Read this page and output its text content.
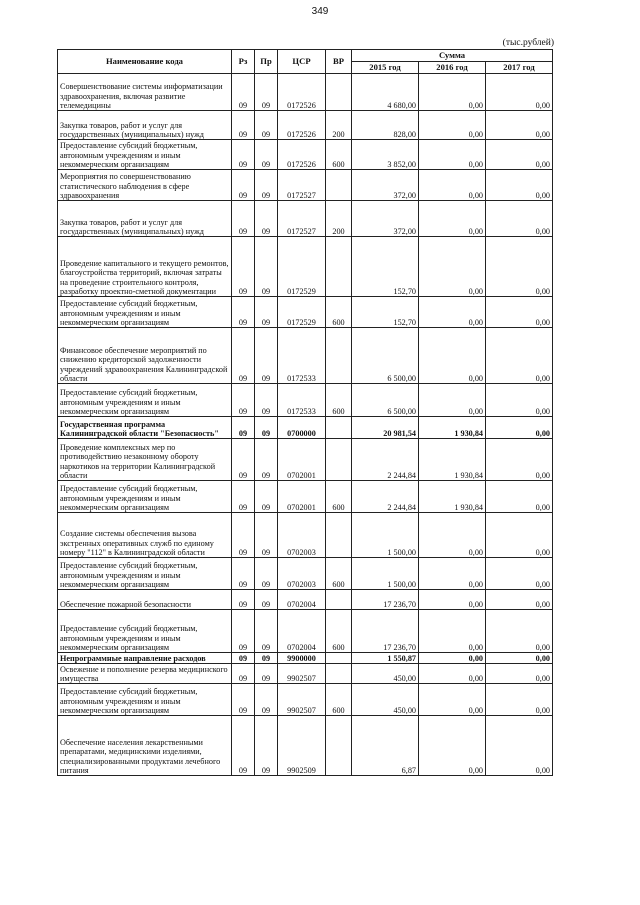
349
(тыс.рублей)
Наименование кода	Рз	Пр	ЦСР	ВР	Сумма		
					2015 год	2016 год	2017 год
Совершенствование системы информатизации здравоохранения, включая развитие телемедицины	09	09	0172526		4 680,00	0,00	0,00
Закупка товаров, работ и услуг для государственных (муниципальных) нужд	09	09	0172526	200	828,00	0,00	0,00
Предоставление субсидий бюджетным, автономным учреждениям и иным некоммерческим организациям	09	09	0172526	600	3 852,00	0,00	0,00
Мероприятия по совершенствованию статистического наблюдения в сфере здравоохранения	09	09	0172527		372,00	0,00	0,00
Закупка товаров, работ и услуг для государственных (муниципальных) нужд	09	09	0172527	200	372,00	0,00	0,00
Проведение капитального и текущего ремонтов, благоустройства территорий, включая затраты на проведение строительного контроля, разработку проектно-сметной документации	09	09	0172529		152,70	0,00	0,00
Предоставление субсидий бюджетным, автономным учреждениям и иным некоммерческим организациям	09	09	0172529	600	152,70	0,00	0,00
Финансовое обеспечение мероприятий по снижению кредиторской задолженности учреждений здравоохранения Калининградской области	09	09	0172533		6 500,00	0,00	0,00
Предоставление субсидий бюджетным, автономным учреждениям и иным некоммерческим организациям	09	09	0172533	600	6 500,00	0,00	0,00
Государственная программа Калининградской области "Безопасность"	09	09	0700000		20 981,54	1 930,84	0,00
Проведение комплексных мер по противодействию незаконному обороту наркотиков на территории Калининградской области	09	09	0702001		2 244,84	1 930,84	0,00
Предоставление субсидий бюджетным, автономным учреждениям и иным некоммерческим организациям	09	09	0702001	600	2 244,84	1 930,84	0,00
Создание системы обеспечения вызова экстренных оперативных служб по единому номеру "112" в Калининградской области	09	09	0702003		1 500,00	0,00	0,00
Предоставление субсидий бюджетным, автономным учреждениям и иным некоммерческим организациям	09	09	0702003	600	1 500,00	0,00	0,00
Обеспечение пожарной безопасности	09	09	0702004		17 236,70	0,00	0,00
Предоставление субсидий бюджетным, автономным учреждениям и иным некоммерческим организациям	09	09	0702004	600	17 236,70	0,00	0,00
Непрограммные направление расходов	09	09	9900000		1 550,87	0,00	0,00
Освежение и пополнение резерва медицинского имущества	09	09	9902507		450,00	0,00	0,00
Предоставление субсидий бюджетным, автономным учреждениям и иным некоммерческим организациям	09	09	9902507	600	450,00	0,00	0,00
Обеспечение населения лекарственными препаратами, медицинскими изделиями, специализированными продуктами лечебного питания	09	09	9902509		6,87	0,00	0,00
